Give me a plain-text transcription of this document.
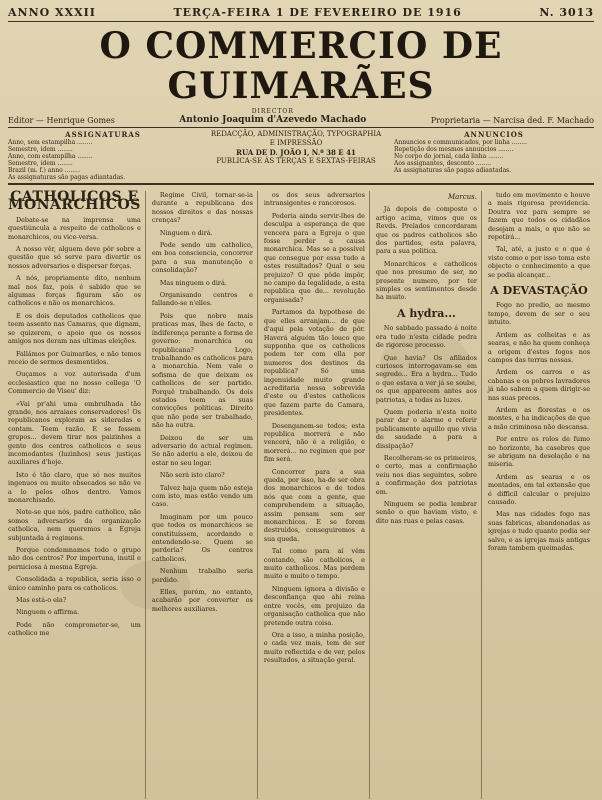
ANNO XXXII	TERÇA-FEIRA 1 DE FEVEREIRO DE 1916	N. 3013
O COMMERCIO DE GUIMARÃES
Editor — Henrique Gomes
DIRECTOR
Antonio Joaquim d'Azevedo Machado	Proprietaria — Narcisa ded. F. Machado
ASSIGNATURAS
Anno, sem estampilha ........
Semestre, idem ........
Anno, com estampilha ........
Semestre, idem ........
Brazil (m. f.) anno ........
As assignaturas são pagas adiantadas.
REDACÇÃO, ADMINISTRAÇÃO, TYPOGRAPHIA
E IMPRESSÃO
RUA DE D. JOÃO I, N.º 38 E 41
PUBLICA-SE ÁS TERÇAS E SEXTAS-FEIRAS
ANNUNCIOS
Annuncios e communicados, por linha ........
Repetição dos mesmos annuncios ........
No corpo do jornal, cada linha ........
Aos assignantes, desconto ........
As assignaturas são pagas adiantadas.
CATHOLICOS E MONARCHICOS

Debate-se na imprensa uma questiúncula a respeito de catholicos e monarchicos, ou vice-versa.

A nosso vêr, alguem deve pôr sobre a questão que só serve para divertir os nossos adversarios e dispersar forças.

A nós, propriamente dito, nenhum mal nos faz, pois é sabido que se algumas forças figuram são os catholicos e não os monarchicos.

E os dois deputados catholicos que teem assento nas Camaras, que dignam, se quizerem, o apoio que os nossos amigos nos deram nas ultimas eleições.

Fallâmos por Guimarães, e não temos receio de sermos desmentidos.

Ouçamos a voz autorisada d'um ecclesiastico que no nosso collega 'O Commercio de Viseu' diz:

«Vai pr'ahi uma embrulhada tão grande, nos arraiaes conservadores! Os republicanos exploram as sideradas e contam. Teem razão. E se fossem grupos... devem tirar nos paizinhos a gente dos centros catholicos e seus incomodantes (luzinhos) seus justiças auxiliares d'hoje.

Isto é tão claro, que só nos muitos ingenuos ou muito obsecados se não ve a lo pelos olhos dentro. Vamos monarchisado.

Note-se que nós, padre catholico, não somos adversarios da organização catholica, nem queremos a Egreja subjuntada á regimens.

Porque condemnamos todo o grupo não dos centros? Por importuna, inutil e perniciosa á mesma Egreja.

Consolidada a republica, seria isso o único caminho para os catholicos.

Mas está-o ela?

Ninguem o affirma.

Pode não comprometer-se, um catholico me

Regime Civil, tornar-se-ia durante a republicana dos nossos direitos e das nossas crenças?

Ninguem o dirá.

Pode sendo um catholico, em boa consciencia, concorrer para a sua manutenção e consolidação?

Mas ninguem o dirá.

Organisando centros e fallando-se n'elles.

Pois que nobre mais praticas mas, lhes de facto, e índiferença perante a forma de governo: monarchica ou republicana? Logo, trabalhando os catholicos para a monarchia. Nem vale o sofisma de que deixam os catholicos de ser partido. Porquê trabalhando. Os dois estados teem as suas convicções politicas. Direito que não pode ser trabalhado, não ha outra.

Deixou de ser um adversario do actual regimen. Se não aderiu a ele, deixou de estar no seu logar.

Não será isto claro?

Talvez haja quem não esteja com isto, mas estão vendo um caso.

Imaginam por um pouco que todos os monarchicos se constituíssem, acordando e entendendo-se. Quem se perderia? Os centros catholicos.

Nenhum trabalho seria perdido.

Elles, porém, no entanto, acabarão por converter os melhores auxiliares.

os dos seus adversarios intransigentes e rancorosos.

Poderia ainda servir-lhes de desculpa a esperança de que vencera para a Egreja o que fosse perder a causa monarchica. Mas se a possível que consegue por essa tudo a estes resultados? Qual o seu prejuizo? O que pôde impôr, no campo da legalidade, a esta republica que de... revolução organisada?

Partamos da hypothese de que elles arranjam... de que d'aqui pela votação de pôr. Haverá alguém tão louco que supponha que os catholicos podem ter com ella por numeros dos destinos da republica? Só uma ingenuidade muito grande acreditaria nessa sobrevida d'este ou d'estes catholicos que fazem parte da Camara, presidentes.

Desenganem-se todos; esta republica morrerá e não vencerá, não é a religião, e morrerá... no regimen que por fim será.

Concorrer para a sua queda, por isso, ha-de ser obra dos monarchicos e de todos nós que com a gente, que comprehendem a situação, assim pensam sem ser monarchicos. E se forem destruidos, conseguiremos a sua queda.

Tal como para aí vêm contando, são catholicos, e muito catholicos. Mas perdem muito e muito o tempo.

Ninguem ignora a divisão e desconfiança que ahi reina entre vocês, em prejuizo da organisação catholica que não pretende outra coisa.

Ora a isso, a minha posição, e cada vez mais, tem de ser muito reflectida e de ver, pelos resultados, a situação geral.

Marcus.

Já depois de composto o artigo acima, vimos que os Revds. Prelados concordaram que os padres catholicos são dos partidos, esta palavra, para a sua politica.

Monarchicos e catholicos que nos presumo de ser, no presente numero, por ter simples os sentimentos desde ha muito.

A hydra...

No sabbado passado á noite era tudo n'esta cidade pedra de rigoroso processo.

Que havia? Os afiliados curiosos interrogavam-se em segredo... Era a hydra... Tudo o que estava a ver já se soube, os que apparecem antes aos patriotas, a todas as luzes.

Quem poderia n'esta noite parar dar o alarme e referir publicamente aquillo que vivia de saudade a para a dissipação?

Recolheram-se os primeiros, e certo, mas a confirmação veiu nos dias seguintes, sobre a confirmação dos patriotas em.

Ninguem se podia lembrar senão o que haviam visto, e dito nas ruas e pelas casas.

tudo em movimento e houve a mais rigorosa providencia. Doutra vez para sempre se fazem que todos os cidadãos desejam a mais, o que não se repetirá...

Tal, até, a justo e o que é visto como e por isso toma este objecto o conhecimento a que se podia alcançar...

A DEVASTAÇÃO

Fogo no predio, ao mesmo tempo, devem de ser o seu intuito.

Ardem as colheitas e as searas, e não ha quem conheça a origem d'estes fogos nos campos das terras nossas.

Ardem os carros e as cabanas e os pobres lavradores já não sabem a quem dirigir-se nas suas preces.

Ardem as florestas e os montes, e ha indicações de que a mão criminosa não descansa.

Por entre os rolos de fumo no horizonte, ha casebres que se abrigam na desolação e na miseria.

Ardem as searas e os montados, em tal extensão que é difficil calcular o prejuizo causado.

Mas nas cidades fogo nas suas fabricas, abandonadas as igrejas e tudo quanto podia ser salvo, e as igrejas mais antigas foram tambem queimadas.
